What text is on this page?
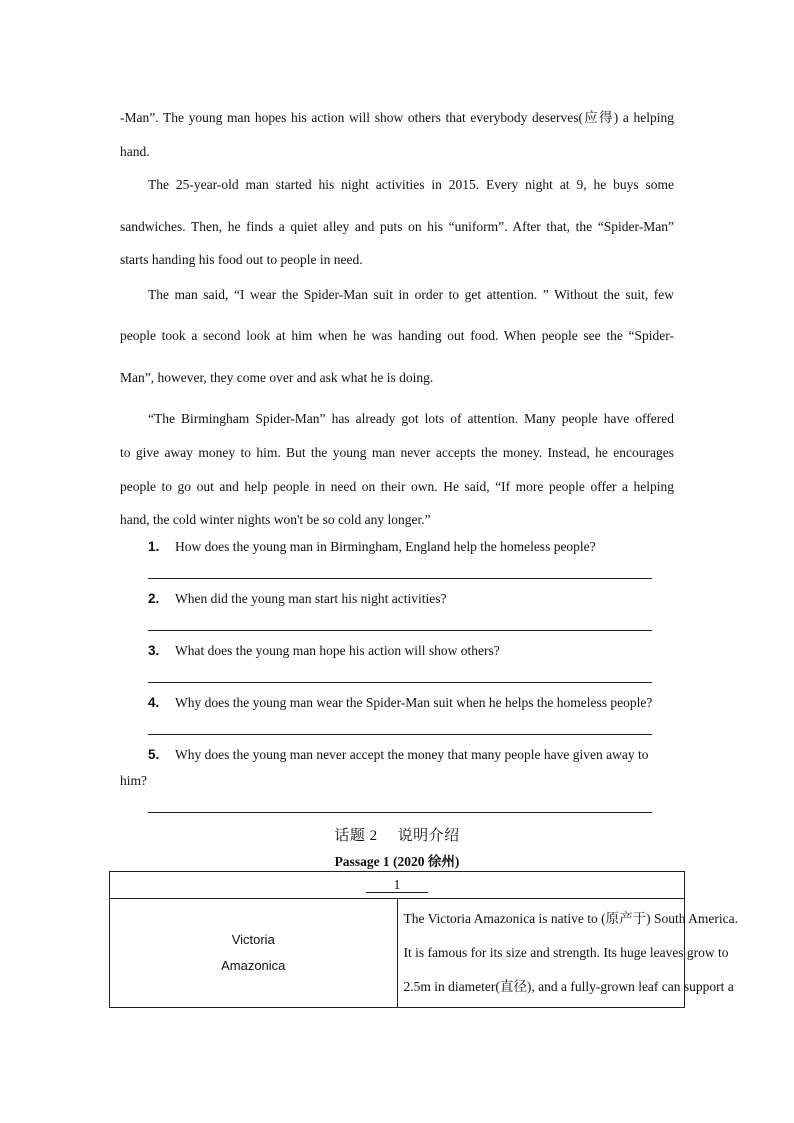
-Man”. The young man hopes his action will show others that everybody deserves(应得) a helping
hand.
The 25-year-old man started his night activities in 2015. Every night at 9, he buys some
sandwiches. Then, he finds a quiet alley and puts on his “uniform”. After that, the “Spider-Man”
starts handing his food out to people in need.
The man said, “I wear the Spider-Man suit in order to get attention. ” Without the suit, few
people took a second look at him when he was handing out food. When people see the “Spider-
Man”, however, they come over and ask what he is doing.
“The Birmingham Spider-Man” has already got lots of attention. Many people have offered
to give away money to him. But the young man never accepts the money. Instead, he encourages
people to go out and help people in need on their own. He said, “If more people offer a helping
hand, the cold winter nights won't be so cold any longer.”
1. How does the young man in Birmingham, England help the homeless people?
2. When did the young man start his night activities?
3. What does the young man hope his action will show others?
4. Why does the young man wear the Spider-Man suit when he helps the homeless people?
5. Why does the young man never accept the money that many people have given away to
him?
话题 2 说明介绍
Passage 1 (2020 徐州)
1

Victoria
Amazonica

The Victoria Amazonica is native to (原产于) South America.
It is famous for its size and strength. Its huge leaves grow to
2.5m in diameter(直径), and a fully-grown leaf can support a
